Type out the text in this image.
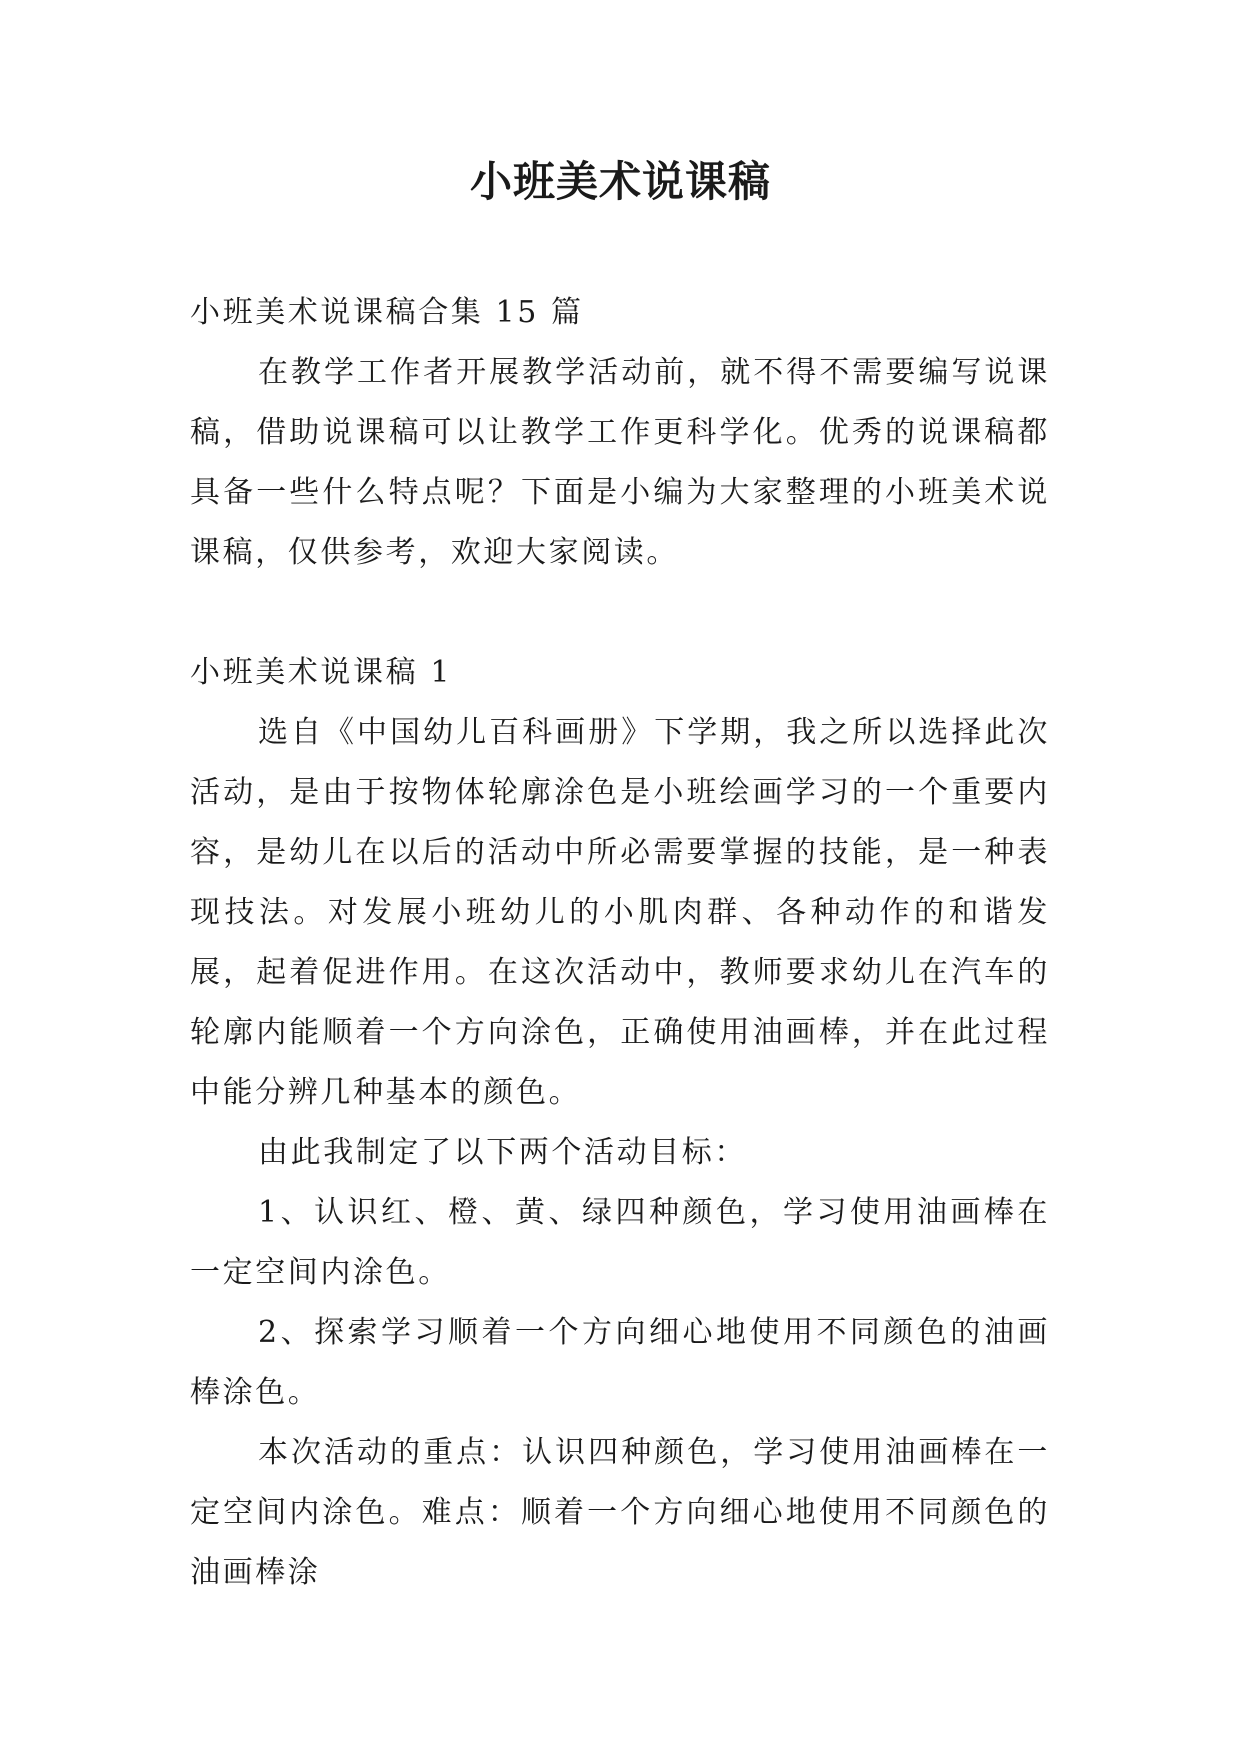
小班美术说课稿

小班美术说课稿合集 15 篇

在教学工作者开展教学活动前，就不得不需要编写说课稿，借助说课稿可以让教学工作更科学化。优秀的说课稿都具备一些什么特点呢？下面是小编为大家整理的小班美术说课稿，仅供参考，欢迎大家阅读。

小班美术说课稿 1

选自《中国幼儿百科画册》下学期，我之所以选择此次活动，是由于按物体轮廓涂色是小班绘画学习的一个重要内容，是幼儿在以后的活动中所必需要掌握的技能，是一种表现技法。对发展小班幼儿的小肌肉群、各种动作的和谐发展，起着促进作用。在这次活动中，教师要求幼儿在汽车的轮廓内能顺着一个方向涂色，正确使用油画棒，并在此过程中能分辨几种基本的颜色。

由此我制定了以下两个活动目标：

1、认识红、橙、黄、绿四种颜色，学习使用油画棒在一定空间内涂色。

2、探索学习顺着一个方向细心地使用不同颜色的油画棒涂色。

本次活动的重点：认识四种颜色，学习使用油画棒在一定空间内涂色。难点：顺着一个方向细心地使用不同颜色的油画棒涂
